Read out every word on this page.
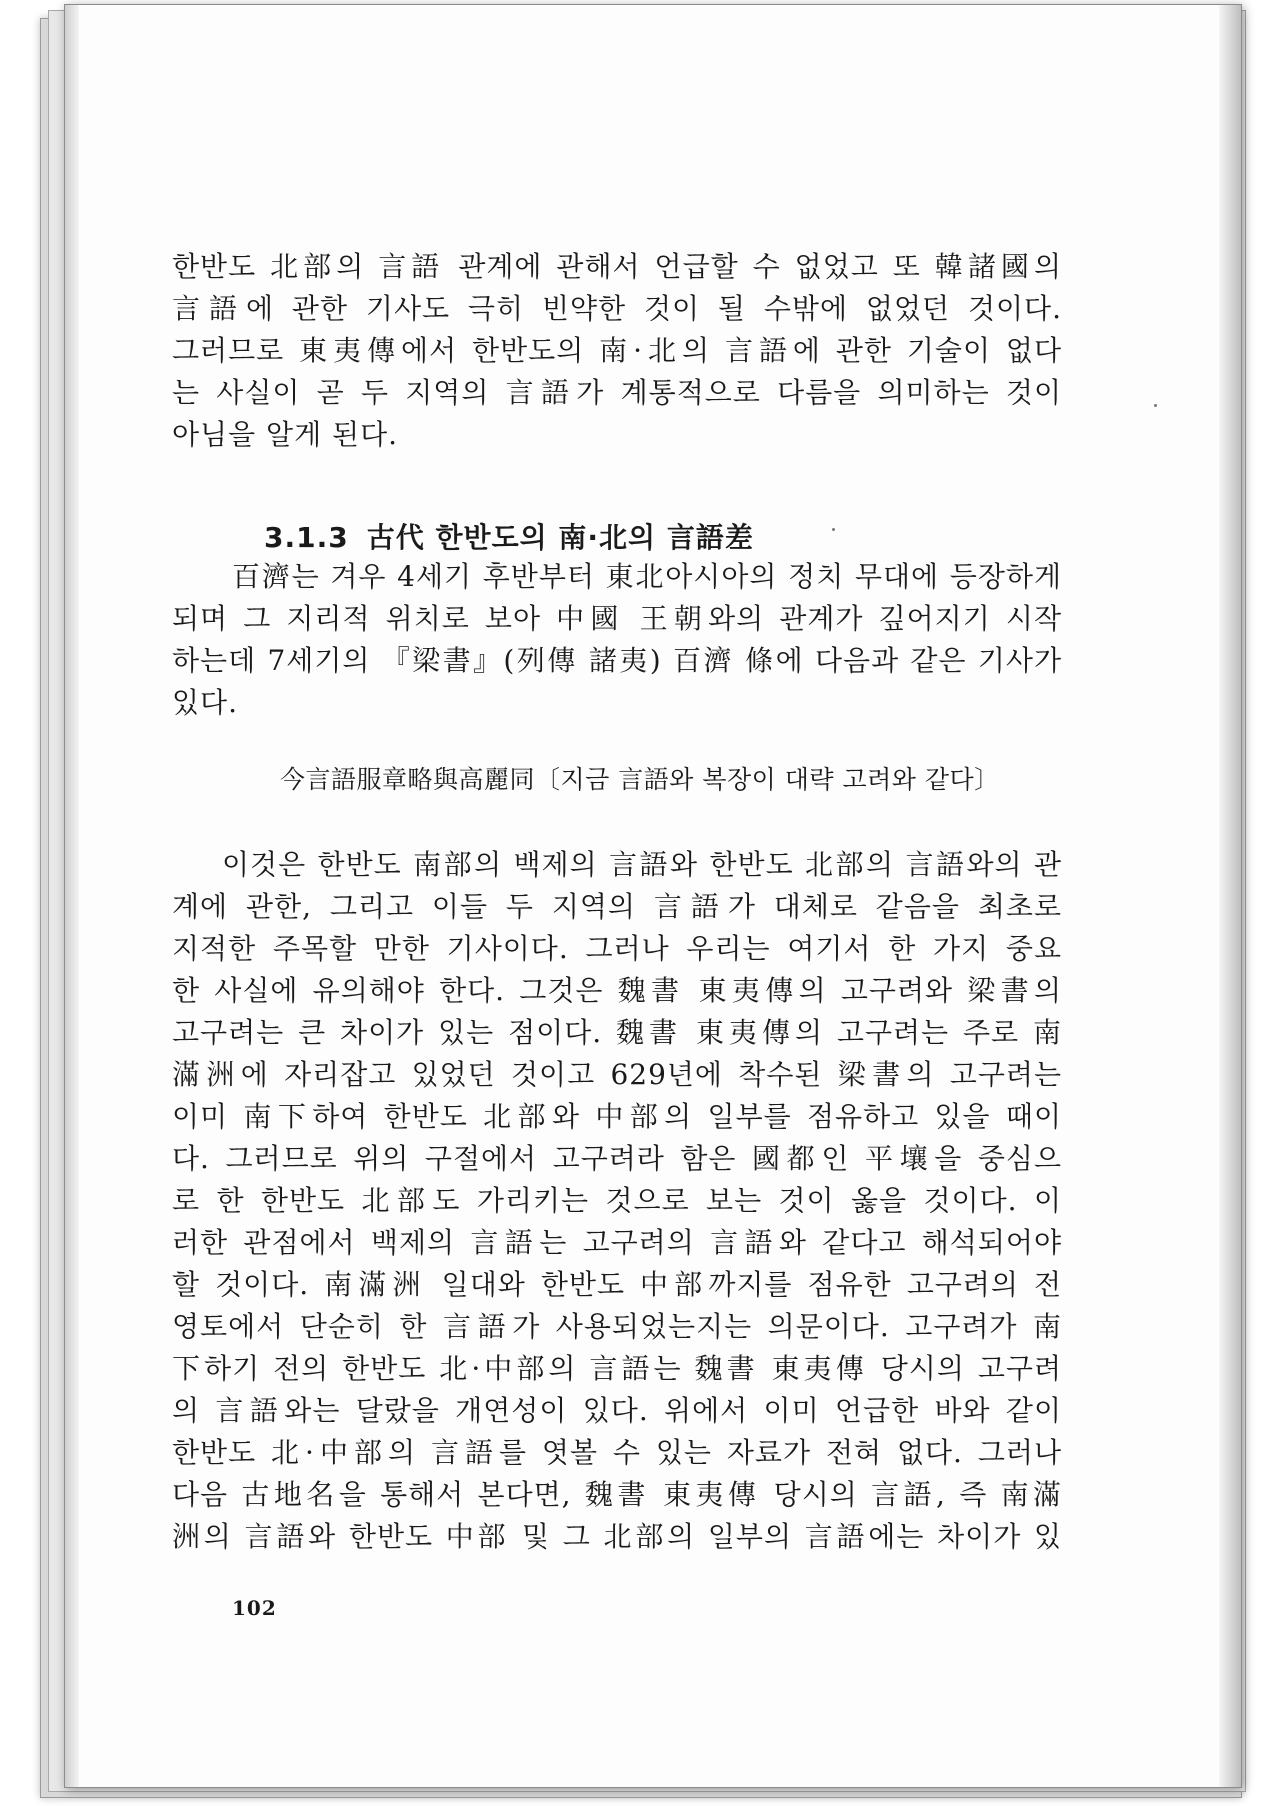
한반도 北部의 言語 관계에 관해서 언급할 수 없었고 또 韓諸國의
言語에 관한 기사도 극히 빈약한 것이 될 수밖에 없었던 것이다.
그러므로 東夷傳에서 한반도의 南·北의 言語에 관한 기술이 없다
는 사실이 곧 두 지역의 言語가 계통적으로 다름을 의미하는 것이
아님을 알게 된다.
3.1.3 古代 한반도의 南·北의 言語差
百濟는 겨우 4세기 후반부터 東北아시아의 정치 무대에 등장하게
되며 그 지리적 위치로 보아 中國 王朝와의 관계가 깊어지기 시작
하는데 7세기의 『梁書』(列傳 諸夷) 百濟 條에 다음과 같은 기사가
있다.
今言語服章略與高麗同〔지금 言語와 복장이 대략 고려와 같다〕
이것은 한반도 南部의 백제의 言語와 한반도 北部의 言語와의 관
계에 관한, 그리고 이들 두 지역의 言語가 대체로 같음을 최초로
지적한 주목할 만한 기사이다. 그러나 우리는 여기서 한 가지 중요
한 사실에 유의해야 한다. 그것은 魏書 東夷傳의 고구려와 梁書의
고구려는 큰 차이가 있는 점이다. 魏書 東夷傳의 고구려는 주로 南
滿洲에 자리잡고 있었던 것이고 629년에 착수된 梁書의 고구려는
이미 南下하여 한반도 北部와 中部의 일부를 점유하고 있을 때이
다. 그러므로 위의 구절에서 고구려라 함은 國都인 平壤을 중심으
로 한 한반도 北部도 가리키는 것으로 보는 것이 옳을 것이다. 이
러한 관점에서 백제의 言語는 고구려의 言語와 같다고 해석되어야
할 것이다. 南滿洲 일대와 한반도 中部까지를 점유한 고구려의 전
영토에서 단순히 한 言語가 사용되었는지는 의문이다. 고구려가 南
下하기 전의 한반도 北·中部의 言語는 魏書 東夷傳 당시의 고구려
의 言語와는 달랐을 개연성이 있다. 위에서 이미 언급한 바와 같이
한반도 北·中部의 言語를 엿볼 수 있는 자료가 전혀 없다. 그러나
다음 古地名을 통해서 본다면, 魏書 東夷傳 당시의 言語, 즉 南滿
洲의 言語와 한반도 中部 및 그 北部의 일부의 言語에는 차이가 있
102
